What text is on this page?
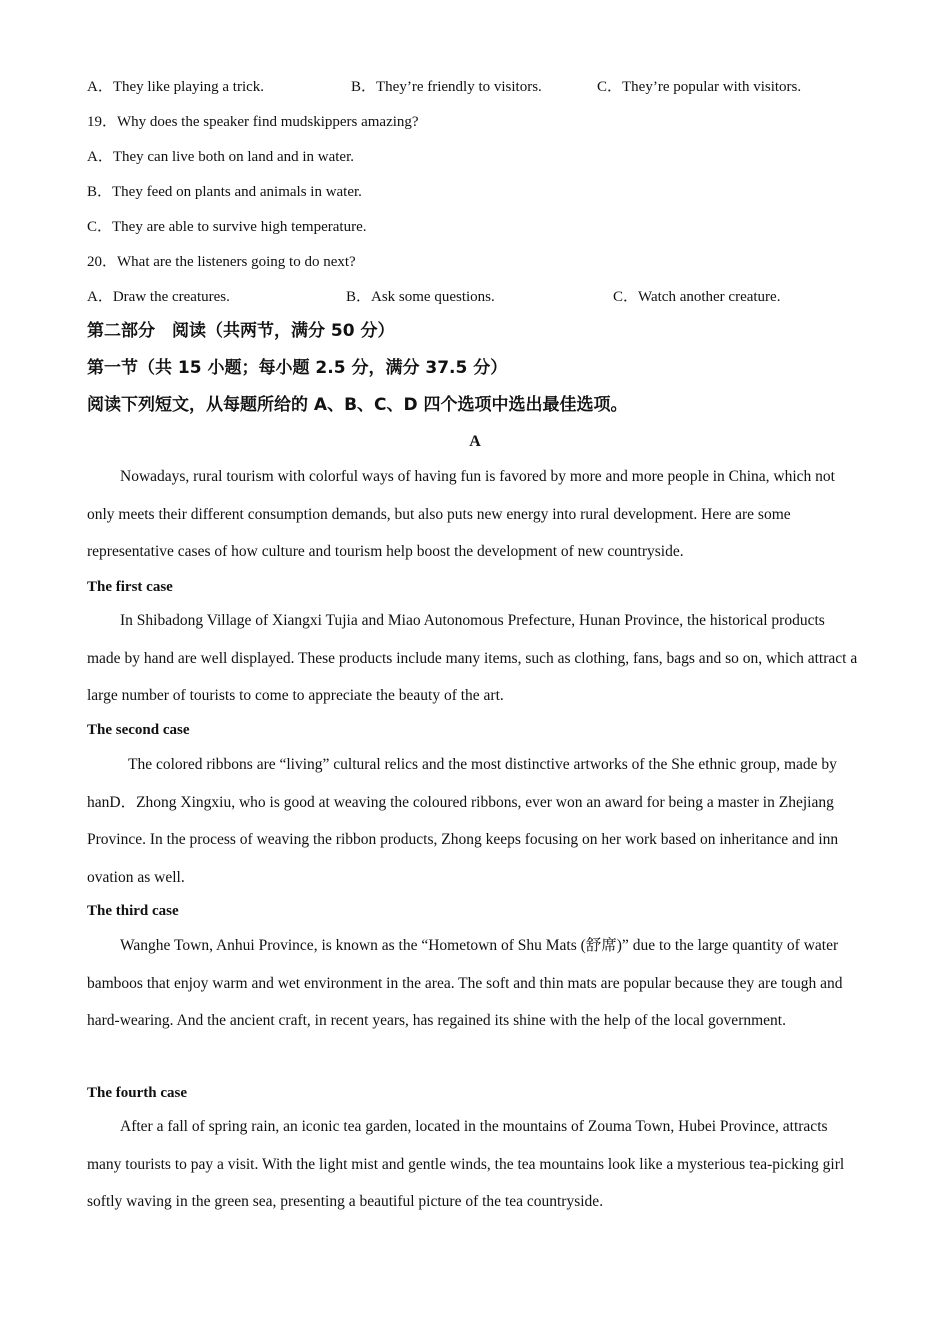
A．They like playing a trick.	B．They’re friendly to visitors.	C．They’re popular with visitors.
19．Why does the speaker find mudskippers amazing?
A．They can live both on land and in water.
B．They feed on plants and animals in water.
C．They are able to survive high temperature.
20．What are the listeners going to do next?
A．Draw the creatures.	B．Ask some questions.	C．Watch another creature.
第二部分　阅读（共两节，满分 50 分）
第一节（共 15 小题；每小题 2.5 分，满分 37.5 分）
阅读下列短文，从每题所给的 A、B、C、D 四个选项中选出最佳选项。
A
Nowadays, rural tourism with colorful ways of having fun is favored by more and more people in China, which not only meets their different consumption demands, but also puts new energy into rural development. Here are some representative cases of how culture and tourism help boost the development of new countryside.
The first case
In Shibadong Village of Xiangxi Tujia and Miao Autonomous Prefecture, Hunan Province, the historical products made by hand are well displayed. These products include many items, such as clothing, fans, bags and so on, which attract a large number of tourists to come to appreciate the beauty of the art.
The second case
The colored ribbons are “living” cultural relics and the most distinctive artworks of the She ethnic group, made by hanD．Zhong Xingxiu, who is good at weaving the coloured ribbons, ever won an award for being a master in Zhejiang Province. In the process of weaving the ribbon products, Zhong keeps focusing on her work based on inheritance and inn ovation as well.
The third case
Wanghe Town, Anhui Province, is known as the “Hometown of Shu Mats (舒席)” due to the large quantity of water bamboos that enjoy warm and wet environment in the area. The soft and thin mats are popular because they are tough and hard-wearing. And the ancient craft, in recent years, has regained its shine with the help of the local government.
The fourth case
After a fall of spring rain, an iconic tea garden, located in the mountains of Zouma Town, Hubei Province, attracts many tourists to pay a visit. With the light mist and gentle winds, the tea mountains look like a mysterious tea-picking girl softly waving in the green sea, presenting a beautiful picture of the tea countryside.
